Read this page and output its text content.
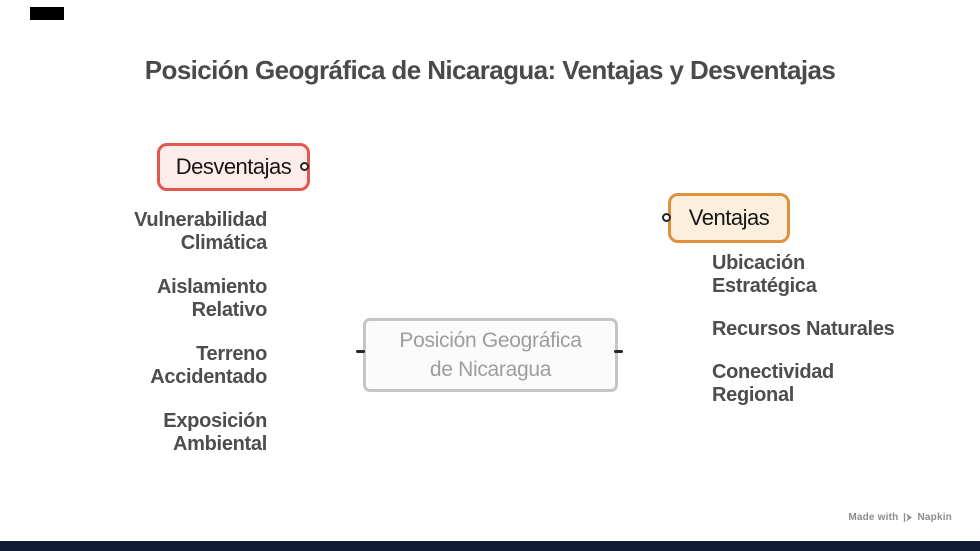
Posición Geográfica de Nicaragua: Ventajas y Desventajas
Desventajas
Vulnerabilidad
Climática
Aislamiento
Relativo
Terreno
Accidentado
Exposición
Ambiental
Posición Geográfica
de Nicaragua
Ventajas
Ubicación
Estratégica
Recursos Naturales
Conectividad
Regional
Made with Napkin
